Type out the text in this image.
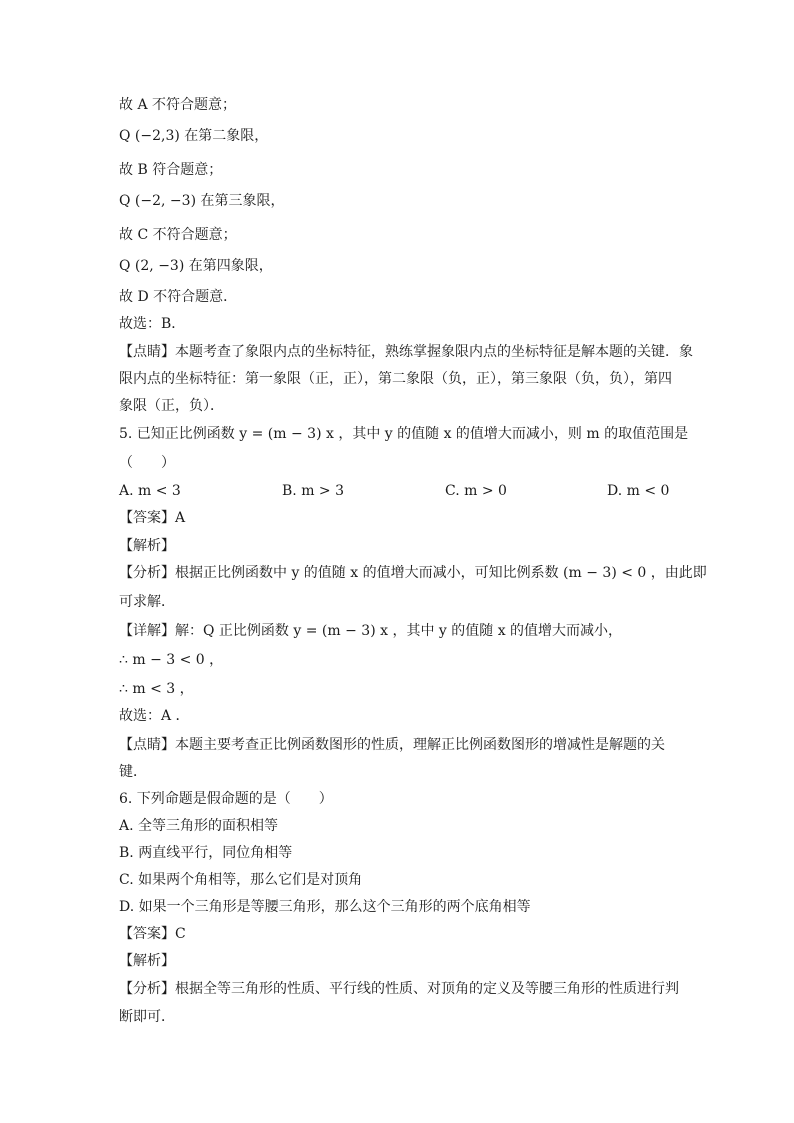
故 A 不符合题意；
Q (−2,3) 在第二象限，
故 B 符合题意；
Q (−2, −3) 在第三象限，
故 C 不符合题意；
Q (2, −3) 在第四象限，
故 D 不符合题意．
故选：B．
【点睛】本题考查了象限内点的坐标特征，熟练掌握象限内点的坐标特征是解本题的关键．象
限内点的坐标特征：第一象限（正，正），第二象限（负，正），第三象限（负，负），第四
象限（正，负）．
5. 已知正比例函数 y = (m − 3) x ，其中 y 的值随 x 的值增大而减小，则 m 的取值范围是
（　　）
A. m < 3	B. m > 3	C. m > 0	D. m < 0
【答案】A
【解析】
【分析】根据正比例函数中 y 的值随 x 的值增大而减小，可知比例系数 (m − 3) < 0 ，由此即
可求解．
【详解】解：Q 正比例函数 y = (m − 3) x ，其中 y 的值随 x 的值增大而减小，
∴ m − 3 < 0 ，
∴ m < 3 ，
故选：A ．
【点睛】本题主要考查正比例函数图形的性质，理解正比例函数图形的增减性是解题的关
键．
6. 下列命题是假命题的是（　　）
A. 全等三角形的面积相等
B. 两直线平行，同位角相等
C. 如果两个角相等，那么它们是对顶角
D. 如果一个三角形是等腰三角形，那么这个三角形的两个底角相等
【答案】C
【解析】
【分析】根据全等三角形的性质、平行线的性质、对顶角的定义及等腰三角形的性质进行判
断即可．
